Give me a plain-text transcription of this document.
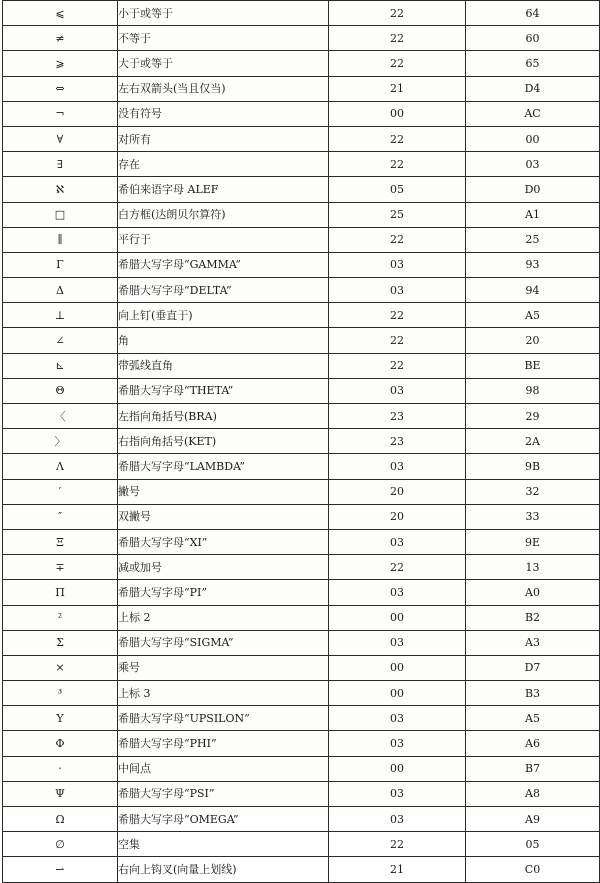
⩽	小于或等于	22	64
≠	不等于	22	60
⩾	大于或等于	22	65
⇔	左右双箭头(当且仅当)	21	D4
¬	没有符号	00	AC
∀	对所有	22	00
∃	存在	22	03
ℵ	希伯来语字母 ALEF	05	D0
□	白方框(达朗贝尔算符)	25	A1
∥	平行于	22	25
Γ	希腊大写字母“GAMMA”	03	93
Δ	希腊大写字母“DELTA”	03	94
⊥	向上钉(垂直于)	22	A5
∠	角	22	20
⊾	带弧线直角	22	BE
Θ	希腊大写字母“THETA”	03	98
〈	左指向角括号(BRA)	23	29
〉	右指向角括号(KET)	23	2A
Λ	希腊大写字母“LAMBDA”	03	9B
′	撇号	20	32
″	双撇号	20	33
Ξ	希腊大写字母“XI”	03	9E
∓	减或加号	22	13
Π	希腊大写字母“PI”	03	A0
²	上标 2	00	B2
Σ	希腊大写字母“SIGMA”	03	A3
×	乘号	00	D7
³	上标 3	00	B3
Υ	希腊大写字母“UPSILON”	03	A5
Φ	希腊大写字母“PHI”	03	A6
·	中间点	00	B7
Ψ	希腊大写字母“PSI”	03	A8
Ω	希腊大写字母“OMEGA”	03	A9
∅	空集	22	05
⇀	右向上钩叉(向量上划线)	21	C0
